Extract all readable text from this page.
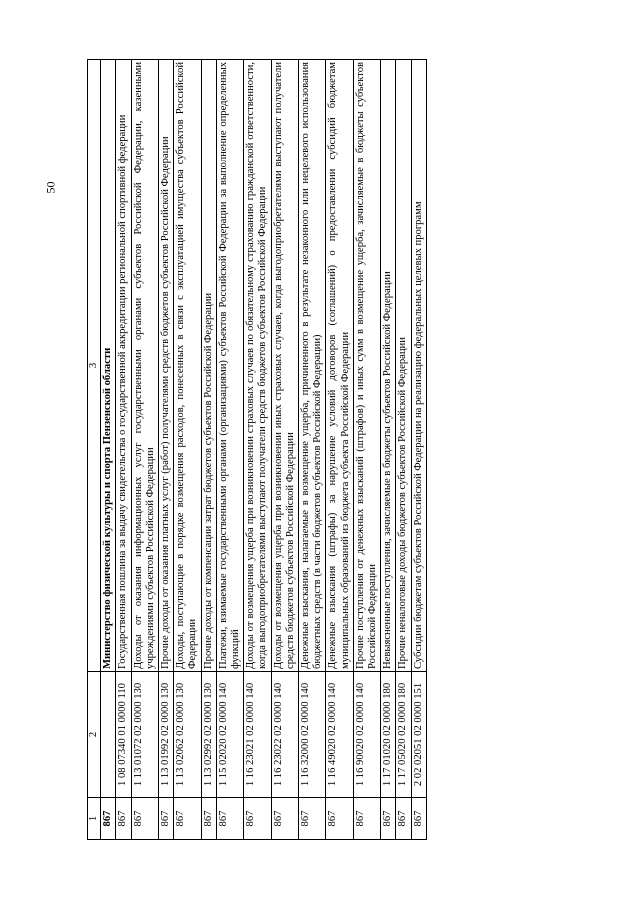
50
1	2	3
867		Министерство физической культуры и спорта Пензенской области
867	1 08 07340 01 0000 110	Государственная пошлина за выдачу свидетельства о государственной аккредитации региональной спортивной федерации
867	1 13 01072 02 0000 130	Доходы от оказания информационных услуг государственными органами субъектов Российской Федерации, казенными учреждениями субъектов Российской Федерации
867	1 13 01992 02 0000 130	Прочие доходы от оказания платных услуг (работ) получателями средств бюджетов субъектов Российской Федерации
867	1 13 02062 02 0000 130	Доходы, поступающие в порядке возмещения расходов, понесенных в связи с эксплуатацией имущества субъектов Российской Федерации
867	1 13 02992 02 0000 130	Прочие доходы от компенсации затрат бюджетов субъектов Российской Федерации
867	1 15 02020 02 0000 140	Платежи, взимаемые государственными органами (организациями) субъектов Российской Федерации за выполнение определенных функций
867	1 16 23021 02 0000 140	Доходы от возмещения ущерба при возникновении страховых случаев по обязательному страхованию гражданской ответственности, когда выгодоприобретателями выступают получатели средств бюджетов субъектов Российской Федерации
867	1 16 23022 02 0000 140	Доходы от возмещения ущерба при возникновении иных страховых случаев, когда выгодоприобретателями выступают получатели средств бюджетов субъектов Российской Федерации
867	1 16 32000 02 0000 140	Денежные взыскания, налагаемые в возмещение ущерба, причиненного в результате незаконного или нецелевого использования бюджетных средств (в части бюджетов субъектов Российской Федерации)
867	1 16 49020 02 0000 140	Денежные взыскания (штрафы) за нарушение условий договоров (соглашений) о предоставлении субсидий бюджетам муниципальных образований из бюджета субъекта Российской Федерации
867	1 16 90020 02 0000 140	Прочие поступления от денежных взысканий (штрафов) и иных сумм в возмещение ущерба, зачисляемые в бюджеты субъектов Российской Федерации
867	1 17 01020 02 0000 180	Невыясненные поступления, зачисляемые в бюджеты субъектов Российской Федерации
867	1 17 05020 02 0000 180	Прочие неналоговые доходы бюджетов субъектов Российской Федерации
867	2 02 02051 02 0000 151	Субсидии бюджетам субъектов Российской Федерации на реализацию федеральных целевых программ
